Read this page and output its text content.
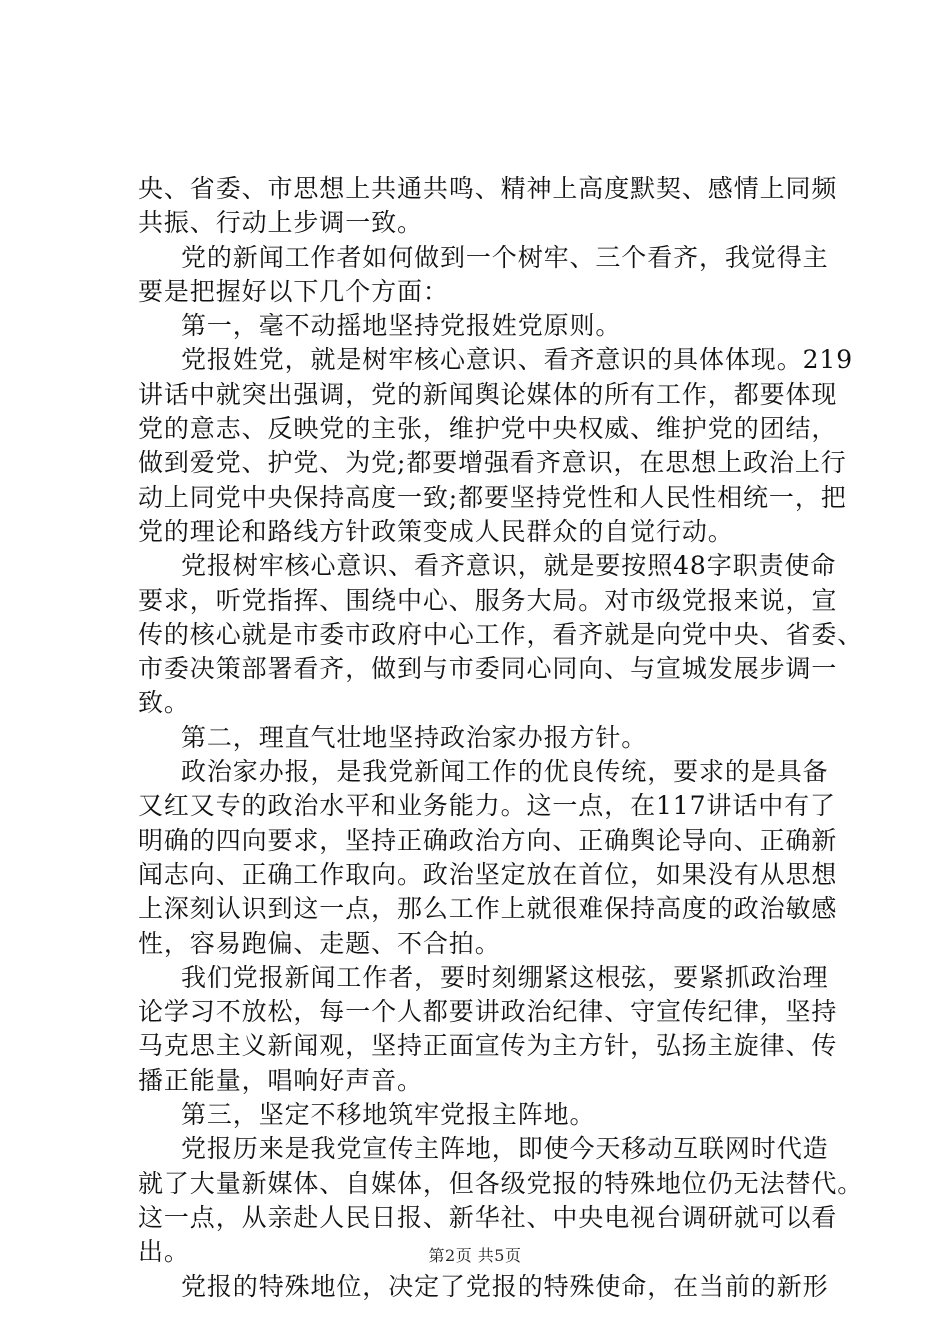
央、省委、市思想上共通共鸣、精神上高度默契、感情上同频
共振、行动上步调一致。
党的新闻工作者如何做到一个树牢、三个看齐，我觉得主
要是把握好以下几个方面：
第一，毫不动摇地坚持党报姓党原则。
党报姓党，就是树牢核心意识、看齐意识的具体体现。219
讲话中就突出强调，党的新闻舆论媒体的所有工作，都要体现
党的意志、反映党的主张，维护党中央权威、维护党的团结，
做到爱党、护党、为党;都要增强看齐意识，在思想上政治上行
动上同党中央保持高度一致;都要坚持党性和人民性相统一，把
党的理论和路线方针政策变成人民群众的自觉行动。
党报树牢核心意识、看齐意识，就是要按照48字职责使命
要求，听党指挥、围绕中心、服务大局。对市级党报来说，宣
传的核心就是市委市政府中心工作，看齐就是向党中央、省委、
市委决策部署看齐，做到与市委同心同向、与宣城发展步调一
致。
第二，理直气壮地坚持政治家办报方针。
政治家办报，是我党新闻工作的优良传统，要求的是具备
又红又专的政治水平和业务能力。这一点，在117讲话中有了
明确的四向要求，坚持正确政治方向、正确舆论导向、正确新
闻志向、正确工作取向。政治坚定放在首位，如果没有从思想
上深刻认识到这一点，那么工作上就很难保持高度的政治敏感
性，容易跑偏、走题、不合拍。
我们党报新闻工作者，要时刻绷紧这根弦，要紧抓政治理
论学习不放松，每一个人都要讲政治纪律、守宣传纪律，坚持
马克思主义新闻观，坚持正面宣传为主方针，弘扬主旋律、传
播正能量，唱响好声音。
第三，坚定不移地筑牢党报主阵地。
党报历来是我党宣传主阵地，即使今天移动互联网时代造
就了大量新媒体、自媒体，但各级党报的特殊地位仍无法替代。
这一点，从亲赴人民日报、新华社、中央电视台调研就可以看
出。
党报的特殊地位，决定了党报的特殊使命，在当前的新形
第2页 共5页
